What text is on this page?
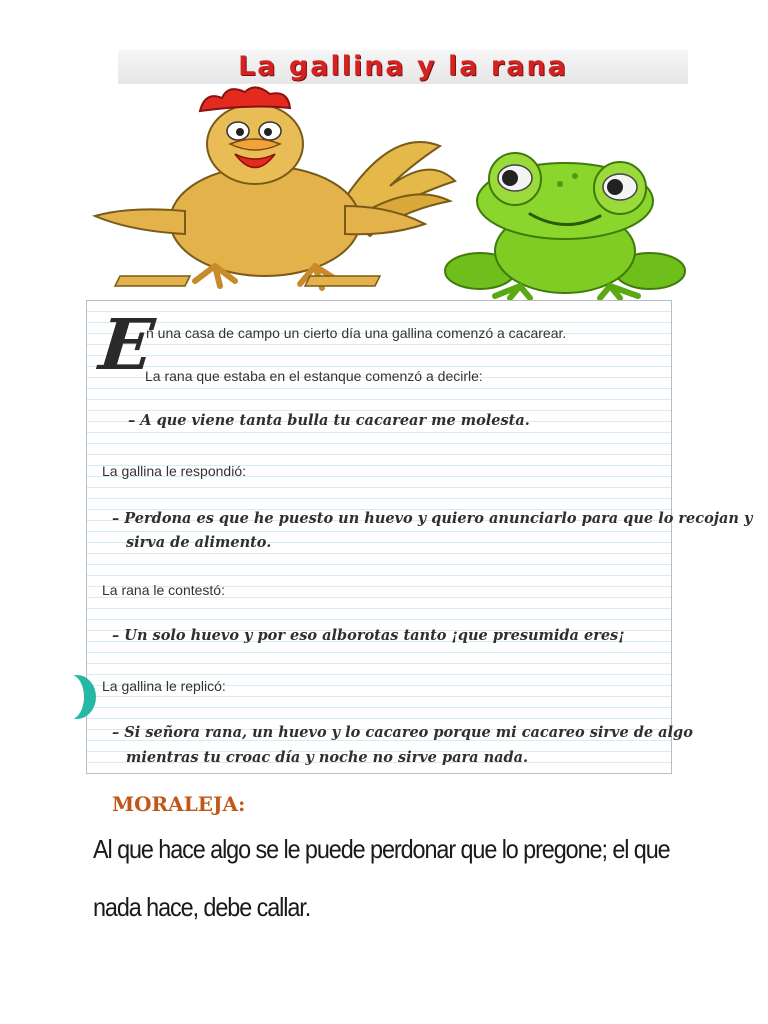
La gallina y la rana
E
n una casa de campo un cierto día una gallina comenzó a cacarear.
La rana que estaba en el estanque comenzó a decirle:
– A que viene tanta bulla tu cacarear me molesta.
La gallina le respondió:
– Perdona es que he puesto un huevo y quiero anunciarlo para que lo recojan y
sirva de alimento.
La rana le contestó:
– Un solo huevo y por eso alborotas tanto ¡que presumida eres¡
La gallina le replicó:
– Si señora rana, un huevo y lo cacareo porque mi cacareo sirve de algo
mientras tu croac día y noche no sirve para nada.
MORALEJA:
Al que hace algo se le puede perdonar que lo pregone; el que nada hace, debe callar.
